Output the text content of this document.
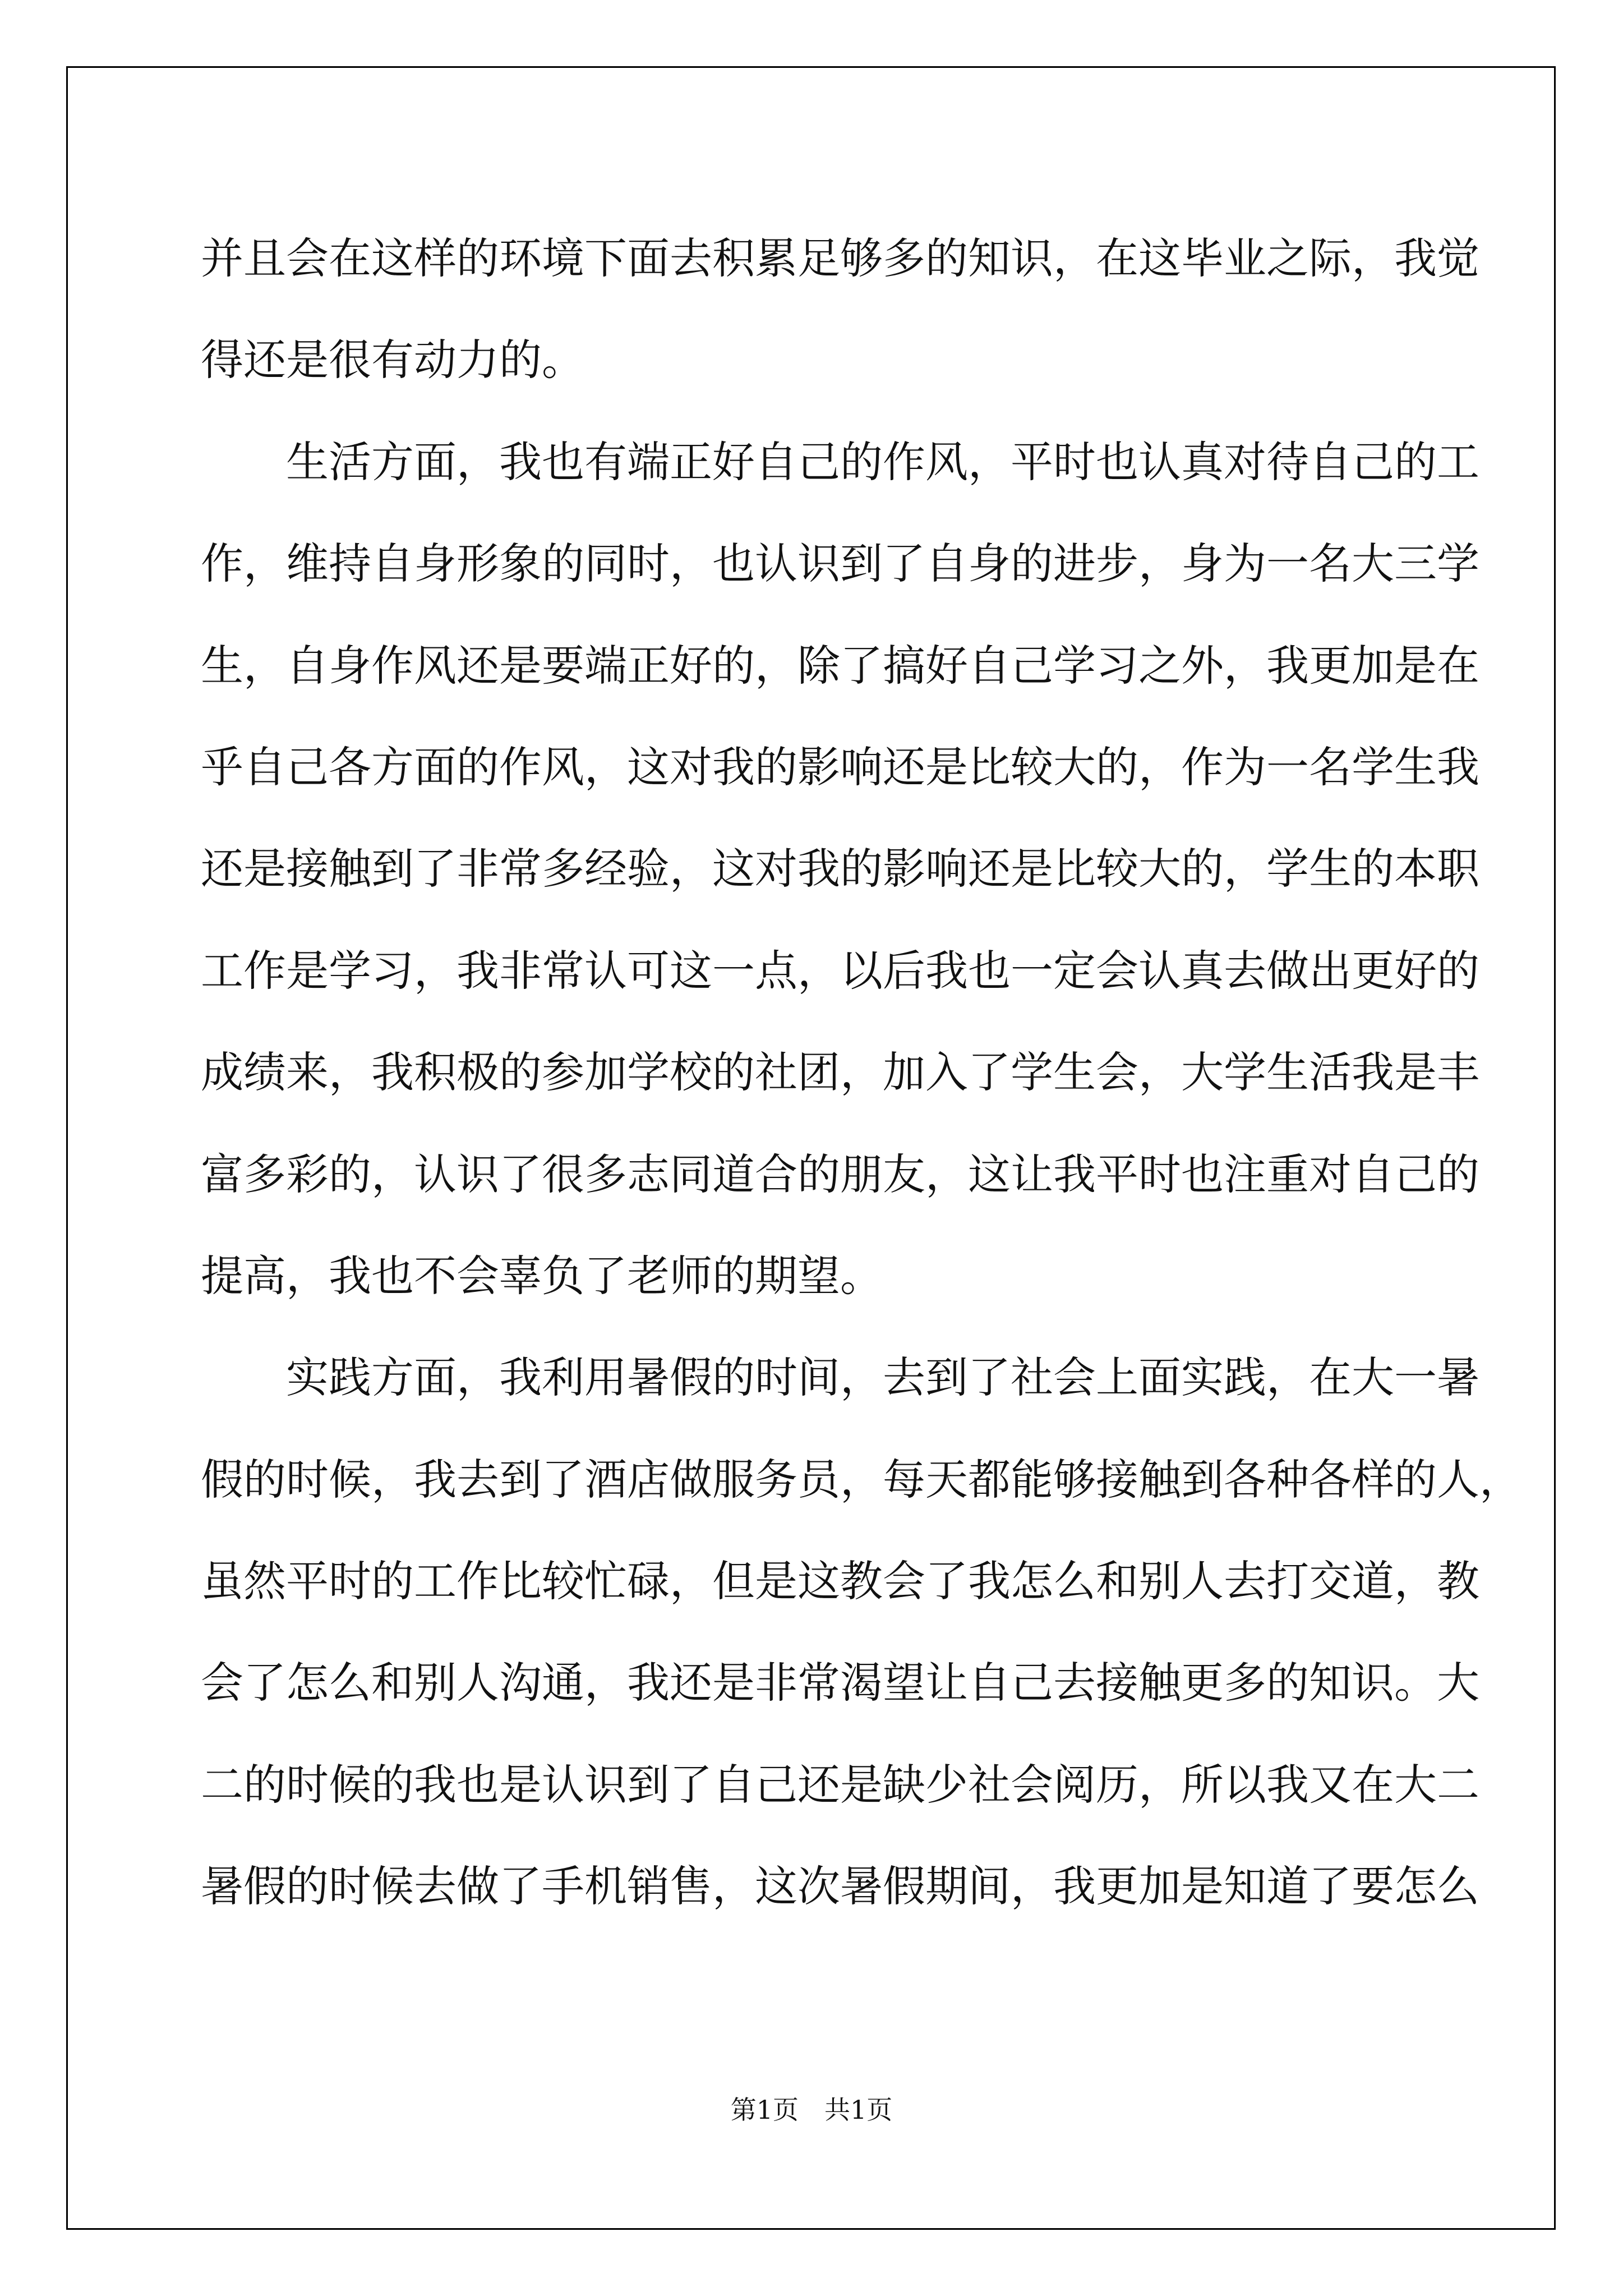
并且会在这样的环境下面去积累足够多的知识，在这毕业之际，我觉
得还是很有动力的。
生活方面，我也有端正好自己的作风，平时也认真对待自己的工
作，维持自身形象的同时，也认识到了自身的进步，身为一名大三学
生，自身作风还是要端正好的，除了搞好自己学习之外，我更加是在
乎自己各方面的作风，这对我的影响还是比较大的，作为一名学生我
还是接触到了非常多经验，这对我的影响还是比较大的，学生的本职
工作是学习，我非常认可这一点，以后我也一定会认真去做出更好的
成绩来，我积极的参加学校的社团，加入了学生会，大学生活我是丰
富多彩的，认识了很多志同道合的朋友，这让我平时也注重对自己的
提高，我也不会辜负了老师的期望。
实践方面，我利用暑假的时间，去到了社会上面实践，在大一暑
假的时候，我去到了酒店做服务员，每天都能够接触到各种各样的人，
虽然平时的工作比较忙碌，但是这教会了我怎么和别人去打交道，教
会了怎么和别人沟通，我还是非常渴望让自己去接触更多的知识。大
二的时候的我也是认识到了自己还是缺少社会阅历，所以我又在大二
暑假的时候去做了手机销售，这次暑假期间，我更加是知道了要怎么
第1页　共1页
